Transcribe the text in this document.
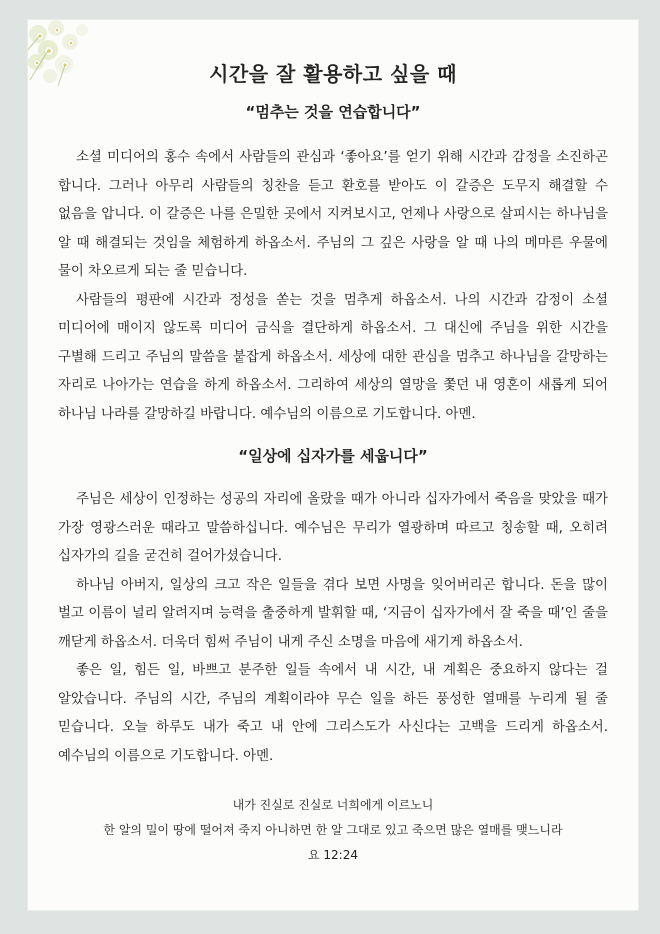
시간을 잘 활용하고 싶을 때
“멈추는 것을 연습합니다”

소셜 미디어의 홍수 속에서 사람들의 관심과 ‘좋아요’를 얻기 위해 시간과 감정을 소진하곤 합니다. 그러나 아무리 사람들의 칭찬을 듣고 환호를 받아도 이 갈증은 도무지 해결할 수 없음을 압니다. 이 갈증은 나를 은밀한 곳에서 지켜보시고, 언제나 사랑으로 살피시는 하나님을 알 때 해결되는 것임을 체험하게 하옵소서. 주님의 그 깊은 사랑을 알 때 나의 메마른 우물에 물이 차오르게 되는 줄 믿습니다.

사람들의 평판에 시간과 정성을 쏟는 것을 멈추게 하옵소서. 나의 시간과 감정이 소셜 미디어에 매이지 않도록 미디어 금식을 결단하게 하옵소서. 그 대신에 주님을 위한 시간을 구별해 드리고 주님의 말씀을 붙잡게 하옵소서. 세상에 대한 관심을 멈추고 하나님을 갈망하는 자리로 나아가는 연습을 하게 하옵소서. 그리하여 세상의 열망을 쫓던 내 영혼이 새롭게 되어 하나님 나라를 갈망하길 바랍니다. 예수님의 이름으로 기도합니다. 아멘.

“일상에 십자가를 세웁니다”

주님은 세상이 인정하는 성공의 자리에 올랐을 때가 아니라 십자가에서 죽음을 맞았을 때가 가장 영광스러운 때라고 말씀하십니다. 예수님은 무리가 열광하며 따르고 칭송할 때, 오히려 십자가의 길을 굳건히 걸어가셨습니다.

하나님 아버지, 일상의 크고 작은 일들을 겪다 보면 사명을 잊어버리곤 합니다. 돈을 많이 벌고 이름이 널리 알려지며 능력을 출중하게 발휘할 때, ‘지금이 십자가에서 잘 죽을 때’인 줄을 깨닫게 하옵소서. 더욱더 힘써 주님이 내게 주신 소명을 마음에 새기게 하옵소서.

좋은 일, 힘든 일, 바쁘고 분주한 일들 속에서 내 시간, 내 계획은 중요하지 않다는 걸 알았습니다. 주님의 시간, 주님의 계획이라야 무슨 일을 하든 풍성한 열매를 누리게 될 줄 믿습니다. 오늘 하루도 내가 죽고 내 안에 그리스도가 사신다는 고백을 드리게 하옵소서. 예수님의 이름으로 기도합니다. 아멘.

내가 진실로 진실로 너희에게 이르노니
한 알의 밀이 땅에 떨어져 죽지 아니하면 한 알 그대로 있고 죽으면 많은 열매를 맺느니라
요 12:24
